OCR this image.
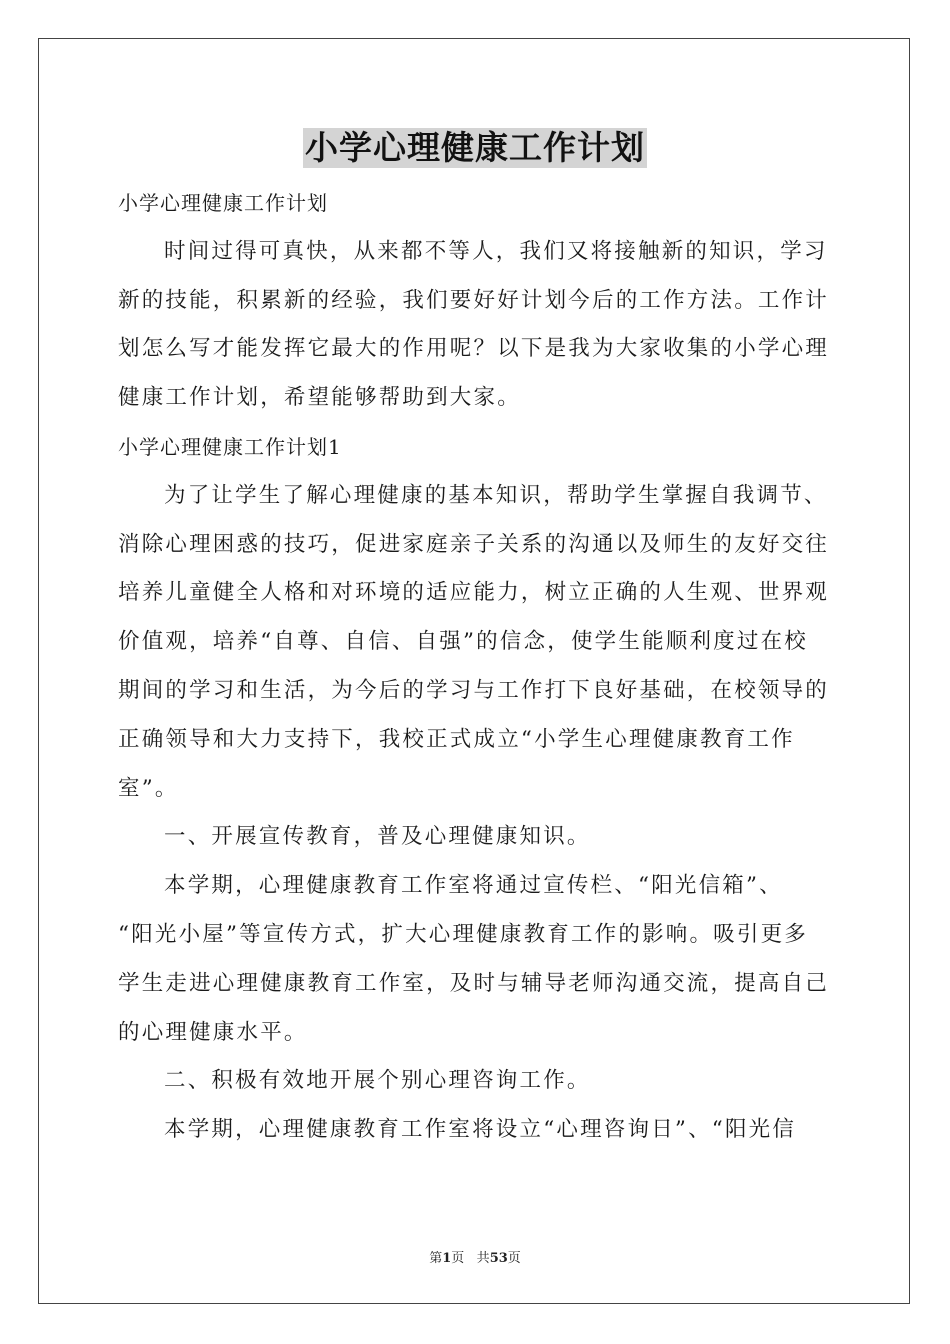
小学心理健康工作计划
小学心理健康工作计划
时间过得可真快，从来都不等人，我们又将接触新的知识，学习
新的技能，积累新的经验，我们要好好计划今后的工作方法。工作计
划怎么写才能发挥它最大的作用呢？以下是我为大家收集的小学心理
健康工作计划，希望能够帮助到大家。
小学心理健康工作计划1
为了让学生了解心理健康的基本知识，帮助学生掌握自我调节、
消除心理困惑的技巧，促进家庭亲子关系的沟通以及师生的友好交往
培养儿童健全人格和对环境的适应能力，树立正确的人生观、世界观
价值观，培养“自尊、自信、自强”的信念，使学生能顺利度过在校
期间的学习和生活，为今后的学习与工作打下良好基础，在校领导的
正确领导和大力支持下，我校正式成立“小学生心理健康教育工作
室”。
一、开展宣传教育，普及心理健康知识。
本学期，心理健康教育工作室将通过宣传栏、“阳光信箱”、
“阳光小屋”等宣传方式，扩大心理健康教育工作的影响。吸引更多
学生走进心理健康教育工作室，及时与辅导老师沟通交流，提高自己
的心理健康水平。
二、积极有效地开展个别心理咨询工作。
本学期，心理健康教育工作室将设立“心理咨询日”、“阳光信
第1页 共53页
